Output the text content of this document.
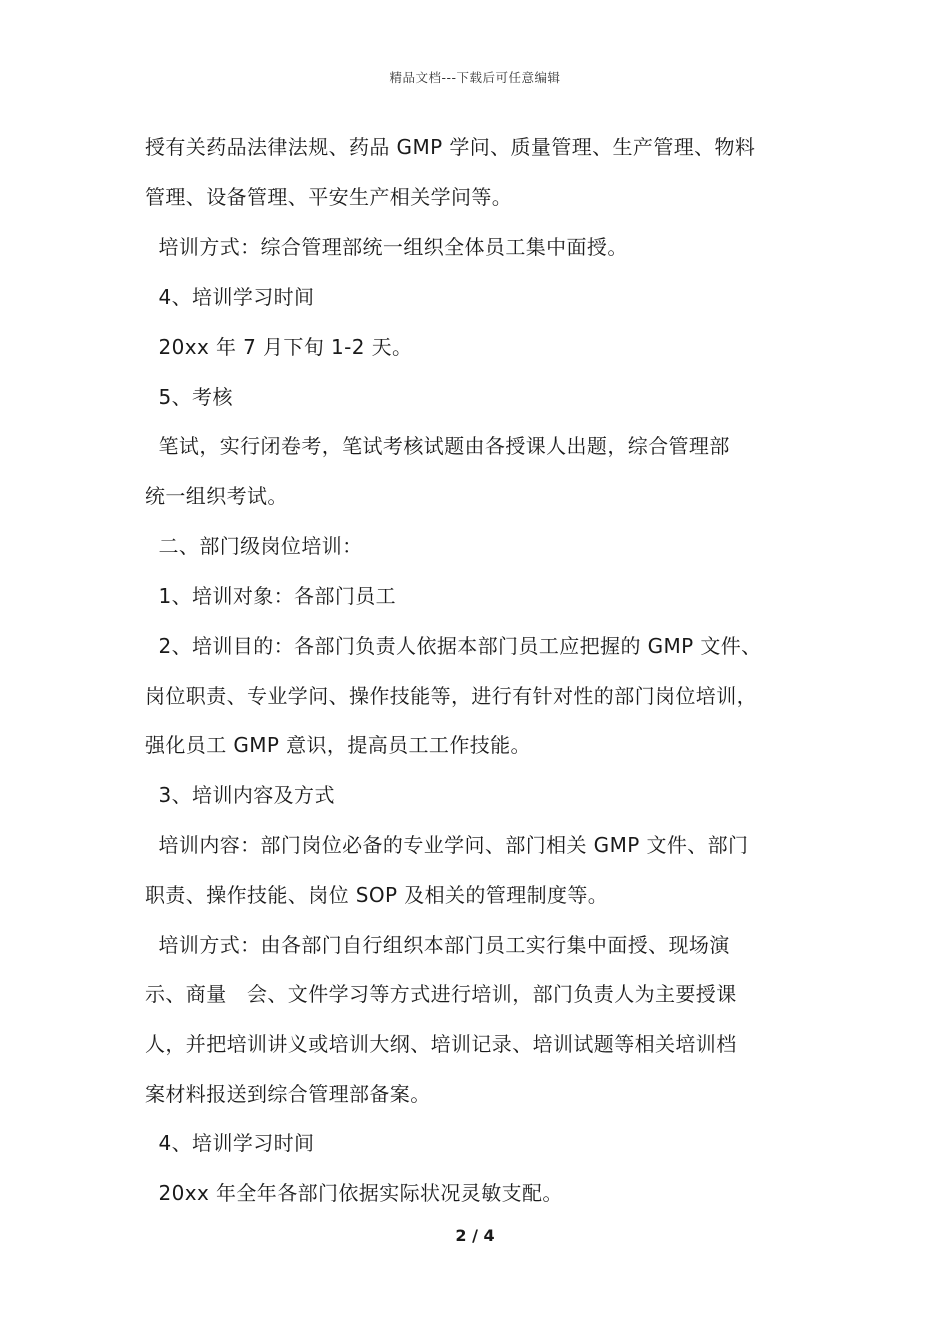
精品文档---下载后可任意编辑
授有关药品法律法规、药品 GMP 学问、质量管理、生产管理、物料
管理、设备管理、平安生产相关学问等。
培训方式：综合管理部统一组织全体员工集中面授。
4、培训学习时间
20xx 年 7 月下旬 1-2 天。
5、考核
笔试，实行闭卷考，笔试考核试题由各授课人出题，综合管理部
统一组织考试。
二、部门级岗位培训：
1、培训对象：各部门员工
2、培训目的：各部门负责人依据本部门员工应把握的 GMP 文件、
岗位职责、专业学问、操作技能等，进行有针对性的部门岗位培训，
强化员工 GMP 意识，提高员工工作技能。
3、培训内容及方式
培训内容：部门岗位必备的专业学问、部门相关 GMP 文件、部门
职责、操作技能、岗位 SOP 及相关的管理制度等。
培训方式：由各部门自行组织本部门员工实行集中面授、现场演
示、商量　会、文件学习等方式进行培训，部门负责人为主要授课
人，并把培训讲义或培训大纲、培训记录、培训试题等相关培训档
案材料报送到综合管理部备案。
4、培训学习时间
20xx 年全年各部门依据实际状况灵敏支配。
2 / 4
